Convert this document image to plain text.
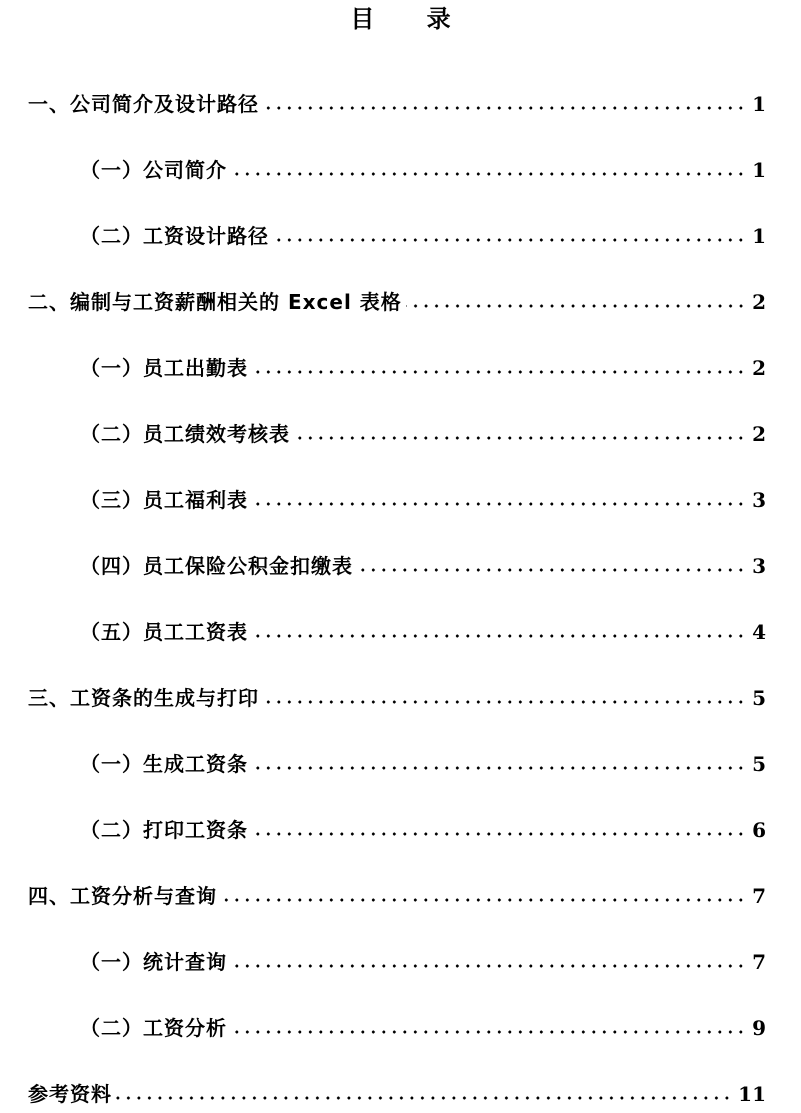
目 录
一、公司简介及设计路径	1
（一）公司简介	1
（二）工资设计路径	1
二、编制与工资薪酬相关的 Excel 表格	2
（一）员工出勤表	2
（二）员工绩效考核表	2
（三）员工福利表	3
（四）员工保险公积金扣缴表	3
（五）员工工资表	4
三、工资条的生成与打印	5
（一）生成工资条	5
（二）打印工资条	6
四、工资分析与查询	7
（一）统计查询	7
（二）工资分析	9
参考资料	11
